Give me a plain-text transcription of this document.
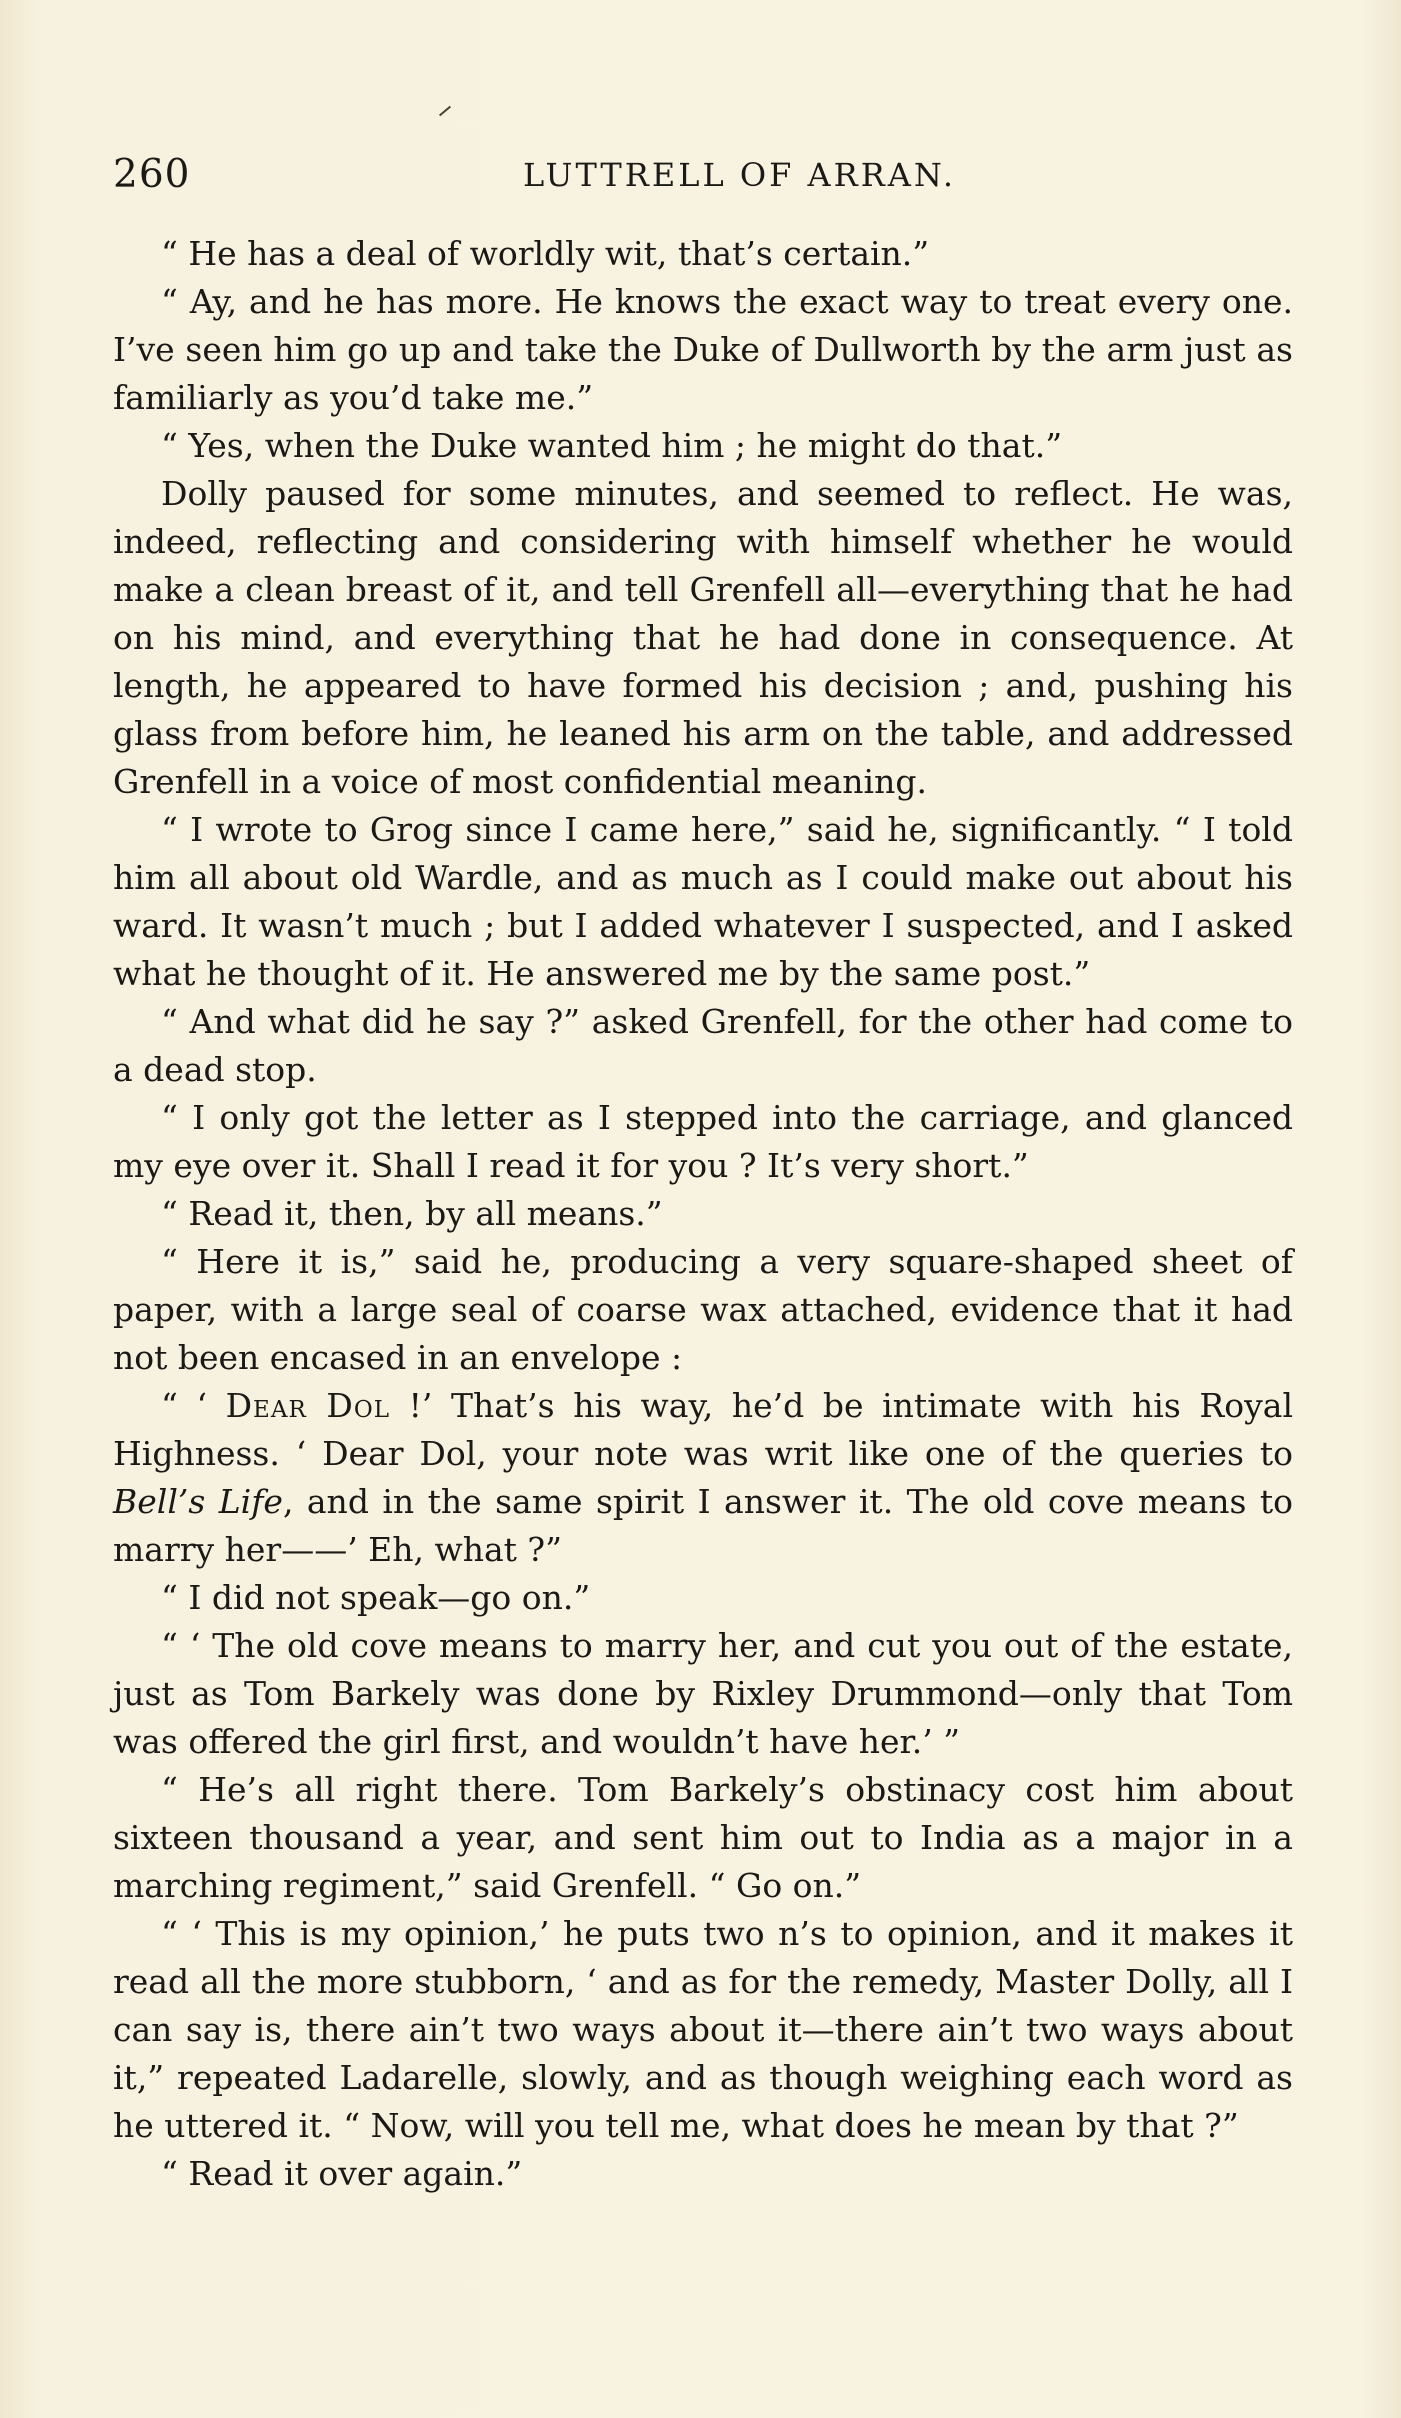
260	LUTTRELL OF ARRAN.

“ He has a deal of worldly wit, that’s certain.”

“ Ay, and he has more. He knows the exact way to treat every one. I’ve seen him go up and take the Duke of Dullworth by the arm just as familiarly as you’d take me.”

“ Yes, when the Duke wanted him ; he might do that.”

Dolly paused for some minutes, and seemed to reflect. He was, indeed, reflecting and considering with himself whether he would make a clean breast of it, and tell Grenfell all—everything that he had on his mind, and everything that he had done in consequence. At length, he appeared to have formed his decision ; and, pushing his glass from before him, he leaned his arm on the table, and addressed Grenfell in a voice of most confidential meaning.

“ I wrote to Grog since I came here,” said he, significantly. “ I told him all about old Wardle, and as much as I could make out about his ward. It wasn’t much ; but I added whatever I suspected, and I asked what he thought of it. He answered me by the same post.”

“ And what did he say ?” asked Grenfell, for the other had come to a dead stop.

“ I only got the letter as I stepped into the carriage, and glanced my eye over it. Shall I read it for you ? It’s very short.”

“ Read it, then, by all means.”

“ Here it is,” said he, producing a very square-shaped sheet of paper, with a large seal of coarse wax attached, evidence that it had not been encased in an envelope :

“ ‘ Dear Dol !’ That’s his way, he’d be intimate with his Royal Highness. ‘ Dear Dol, your note was writ like one of the queries to Bell’s Life, and in the same spirit I answer it. The old cove means to marry her——’ Eh, what ?”

“ I did not speak—go on.”

“ ‘ The old cove means to marry her, and cut you out of the estate, just as Tom Barkely was done by Rixley Drummond—only that Tom was offered the girl first, and wouldn’t have her.’ ”

“ He’s all right there. Tom Barkely’s obstinacy cost him about sixteen thousand a year, and sent him out to India as a major in a marching regiment,” said Grenfell. “ Go on.”

“ ‘ This is my opinion,’ he puts two n’s to opinion, and it makes it read all the more stubborn, ‘ and as for the remedy, Master Dolly, all I can say is, there ain’t two ways about it—there ain’t two ways about it,” repeated Ladarelle, slowly, and as though weighing each word as he uttered it. “ Now, will you tell me, what does he mean by that ?”

“ Read it over again.”
